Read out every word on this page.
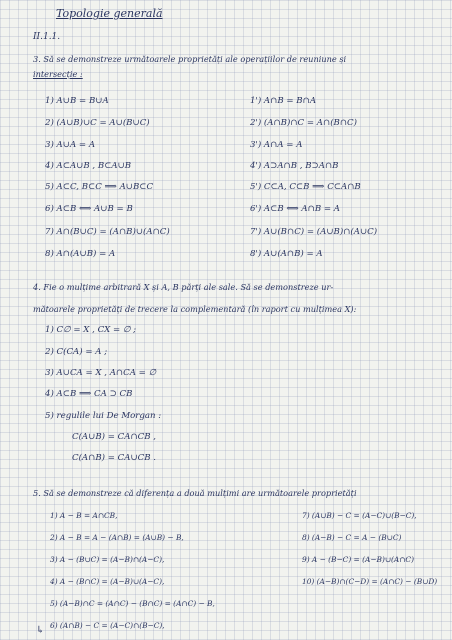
Topologie generală
II.1.1.
3. Să se demonstreze următoarele proprietăți ale operațiilor de reuniune și
intersecție :
1) A∪B = B∪A
2) (A∪B)∪C = A∪(B∪C)
3) A∪A = A
4) A⊂A∪B , B⊂A∪B
5) A⊂C, B⊂C ⟹ A∪B⊂C
6) A⊂B ⟺ A∪B = B
7) A∩(B∪C) = (A∩B)∪(A∩C)
8) A∩(A∪B) = A
1') A∩B = B∩A
2') (A∩B)∩C = A∩(B∩C)
3') A∩A = A
4') A⊃A∩B , B⊃A∩B
5') C⊂A, C⊂B ⟹ C⊂A∩B
6') A⊂B ⟺ A∩B = A
7') A∪(B∩C) = (A∪B)∩(A∪C)
8') A∪(A∩B) = A
4. Fie o mulțime arbitrară X și A, B părți ale sale. Să se demonstreze ur-
mătoarele proprietăți de trecere la complementară (în raport cu mulțimea X):
1) C∅ = X , CX = ∅ ;
2) C(CA) = A ;
3) A∪CA = X , A∩CA = ∅
4) A⊂B ⟹ CA ⊃ CB
5) regulile lui De Morgan :
C(A∪B) = CA∩CB ,
C(A∩B) = CA∪CB .
5. Să se demonstreze că diferența a două mulțimi are următoarele proprietăți
1) A − B = A∩CB,
2) A − B = A − (A∩B) = (A∪B) − B,
3) A − (B∪C) = (A−B)∩(A−C),
4) A − (B∩C) = (A−B)∪(A−C),
5) (A−B)∩C = (A∩C) − (B∩C) = (A∩C) − B,
6) (A∩B) − C = (A−C)∩(B−C),
7) (A∪B) − C = (A−C)∪(B−C),
8) (A−B) − C = A − (B∪C)
9) A − (B−C) = (A−B)∪(A∩C)
10) (A−B)∩(C−D) = (A∩C) − (B∪D)
↳
